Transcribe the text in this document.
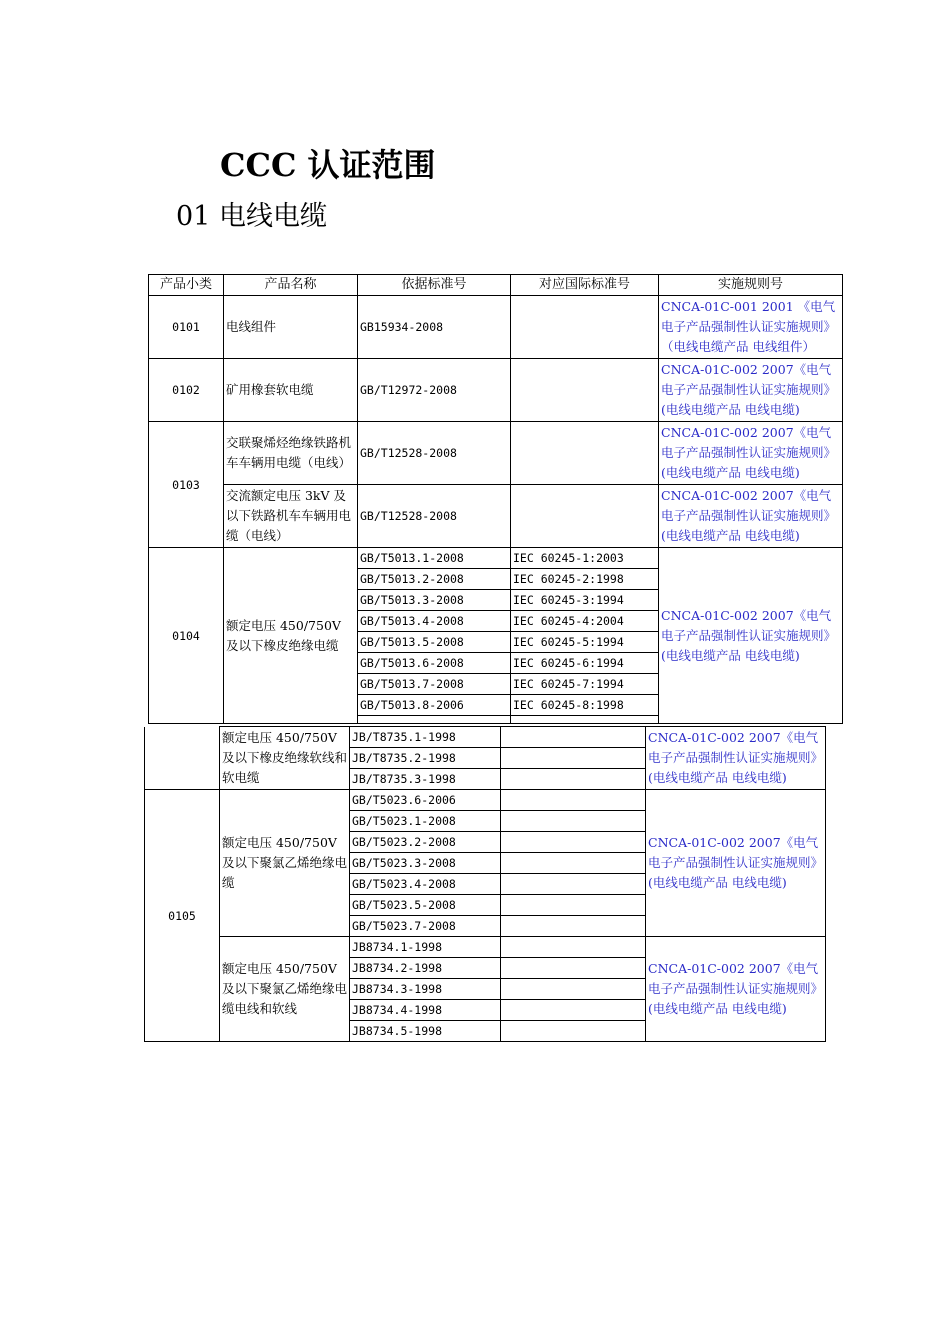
CCC 认证范围
01 电线电缆
产品小类	产品名称	依据标准号	对应国际标准号	实施规则号
0101	电线组件	GB15934-2008		CNCA-01C-001 2001 《电气电子产品强制性认证实施规则》（电线电缆产品 电线组件）
0102	矿用橡套软电缆	GB/T12972-2008		CNCA-01C-002 2007《电气电子产品强制性认证实施规则》(电线电缆产品 电线电缆)
0103	交联聚烯烃绝缘铁路机车车辆用电缆（电线）	GB/T12528-2008		CNCA-01C-002 2007《电气电子产品强制性认证实施规则》(电线电缆产品 电线电缆)
	交流额定电压 3kV 及以下铁路机车车辆用电缆（电线）	GB/T12528-2008		CNCA-01C-002 2007《电气电子产品强制性认证实施规则》(电线电缆产品 电线电缆)
0104	额定电压 450/750V 及以下橡皮绝缘电缆	GB/T5013.1-2008	IEC 60245-1:2003	CNCA-01C-002 2007《电气电子产品强制性认证实施规则》(电线电缆产品 电线电缆)
		GB/T5013.2-2008	IEC 60245-2:1998	
		GB/T5013.3-2008	IEC 60245-3:1994	
		GB/T5013.4-2008	IEC 60245-4:2004	
		GB/T5013.5-2008	IEC 60245-5:1994	
		GB/T5013.6-2008	IEC 60245-6:1994	
		GB/T5013.7-2008	IEC 60245-7:1994	
		GB/T5013.8-2006	IEC 60245-8:1998	

	额定电压 450/750V 及以下橡皮绝缘软线和软电缆	JB/T8735.1-1998		CNCA-01C-002 2007《电气电子产品强制性认证实施规则》(电线电缆产品 电线电缆)
		JB/T8735.2-1998		
		JB/T8735.3-1998		
0105	额定电压 450/750V 及以下聚氯乙烯绝缘电缆	GB/T5023.6-2006		CNCA-01C-002 2007《电气电子产品强制性认证实施规则》(电线电缆产品 电线电缆)
		GB/T5023.1-2008		
		GB/T5023.2-2008		
		GB/T5023.3-2008		
		GB/T5023.4-2008		
		GB/T5023.5-2008		
		GB/T5023.7-2008		
	额定电压 450/750V 及以下聚氯乙烯绝缘电缆电线和软线	JB8734.1-1998		CNCA-01C-002 2007《电气电子产品强制性认证实施规则》(电线电缆产品 电线电缆)
		JB8734.2-1998		
		JB8734.3-1998		
		JB8734.4-1998		
		JB8734.5-1998		
